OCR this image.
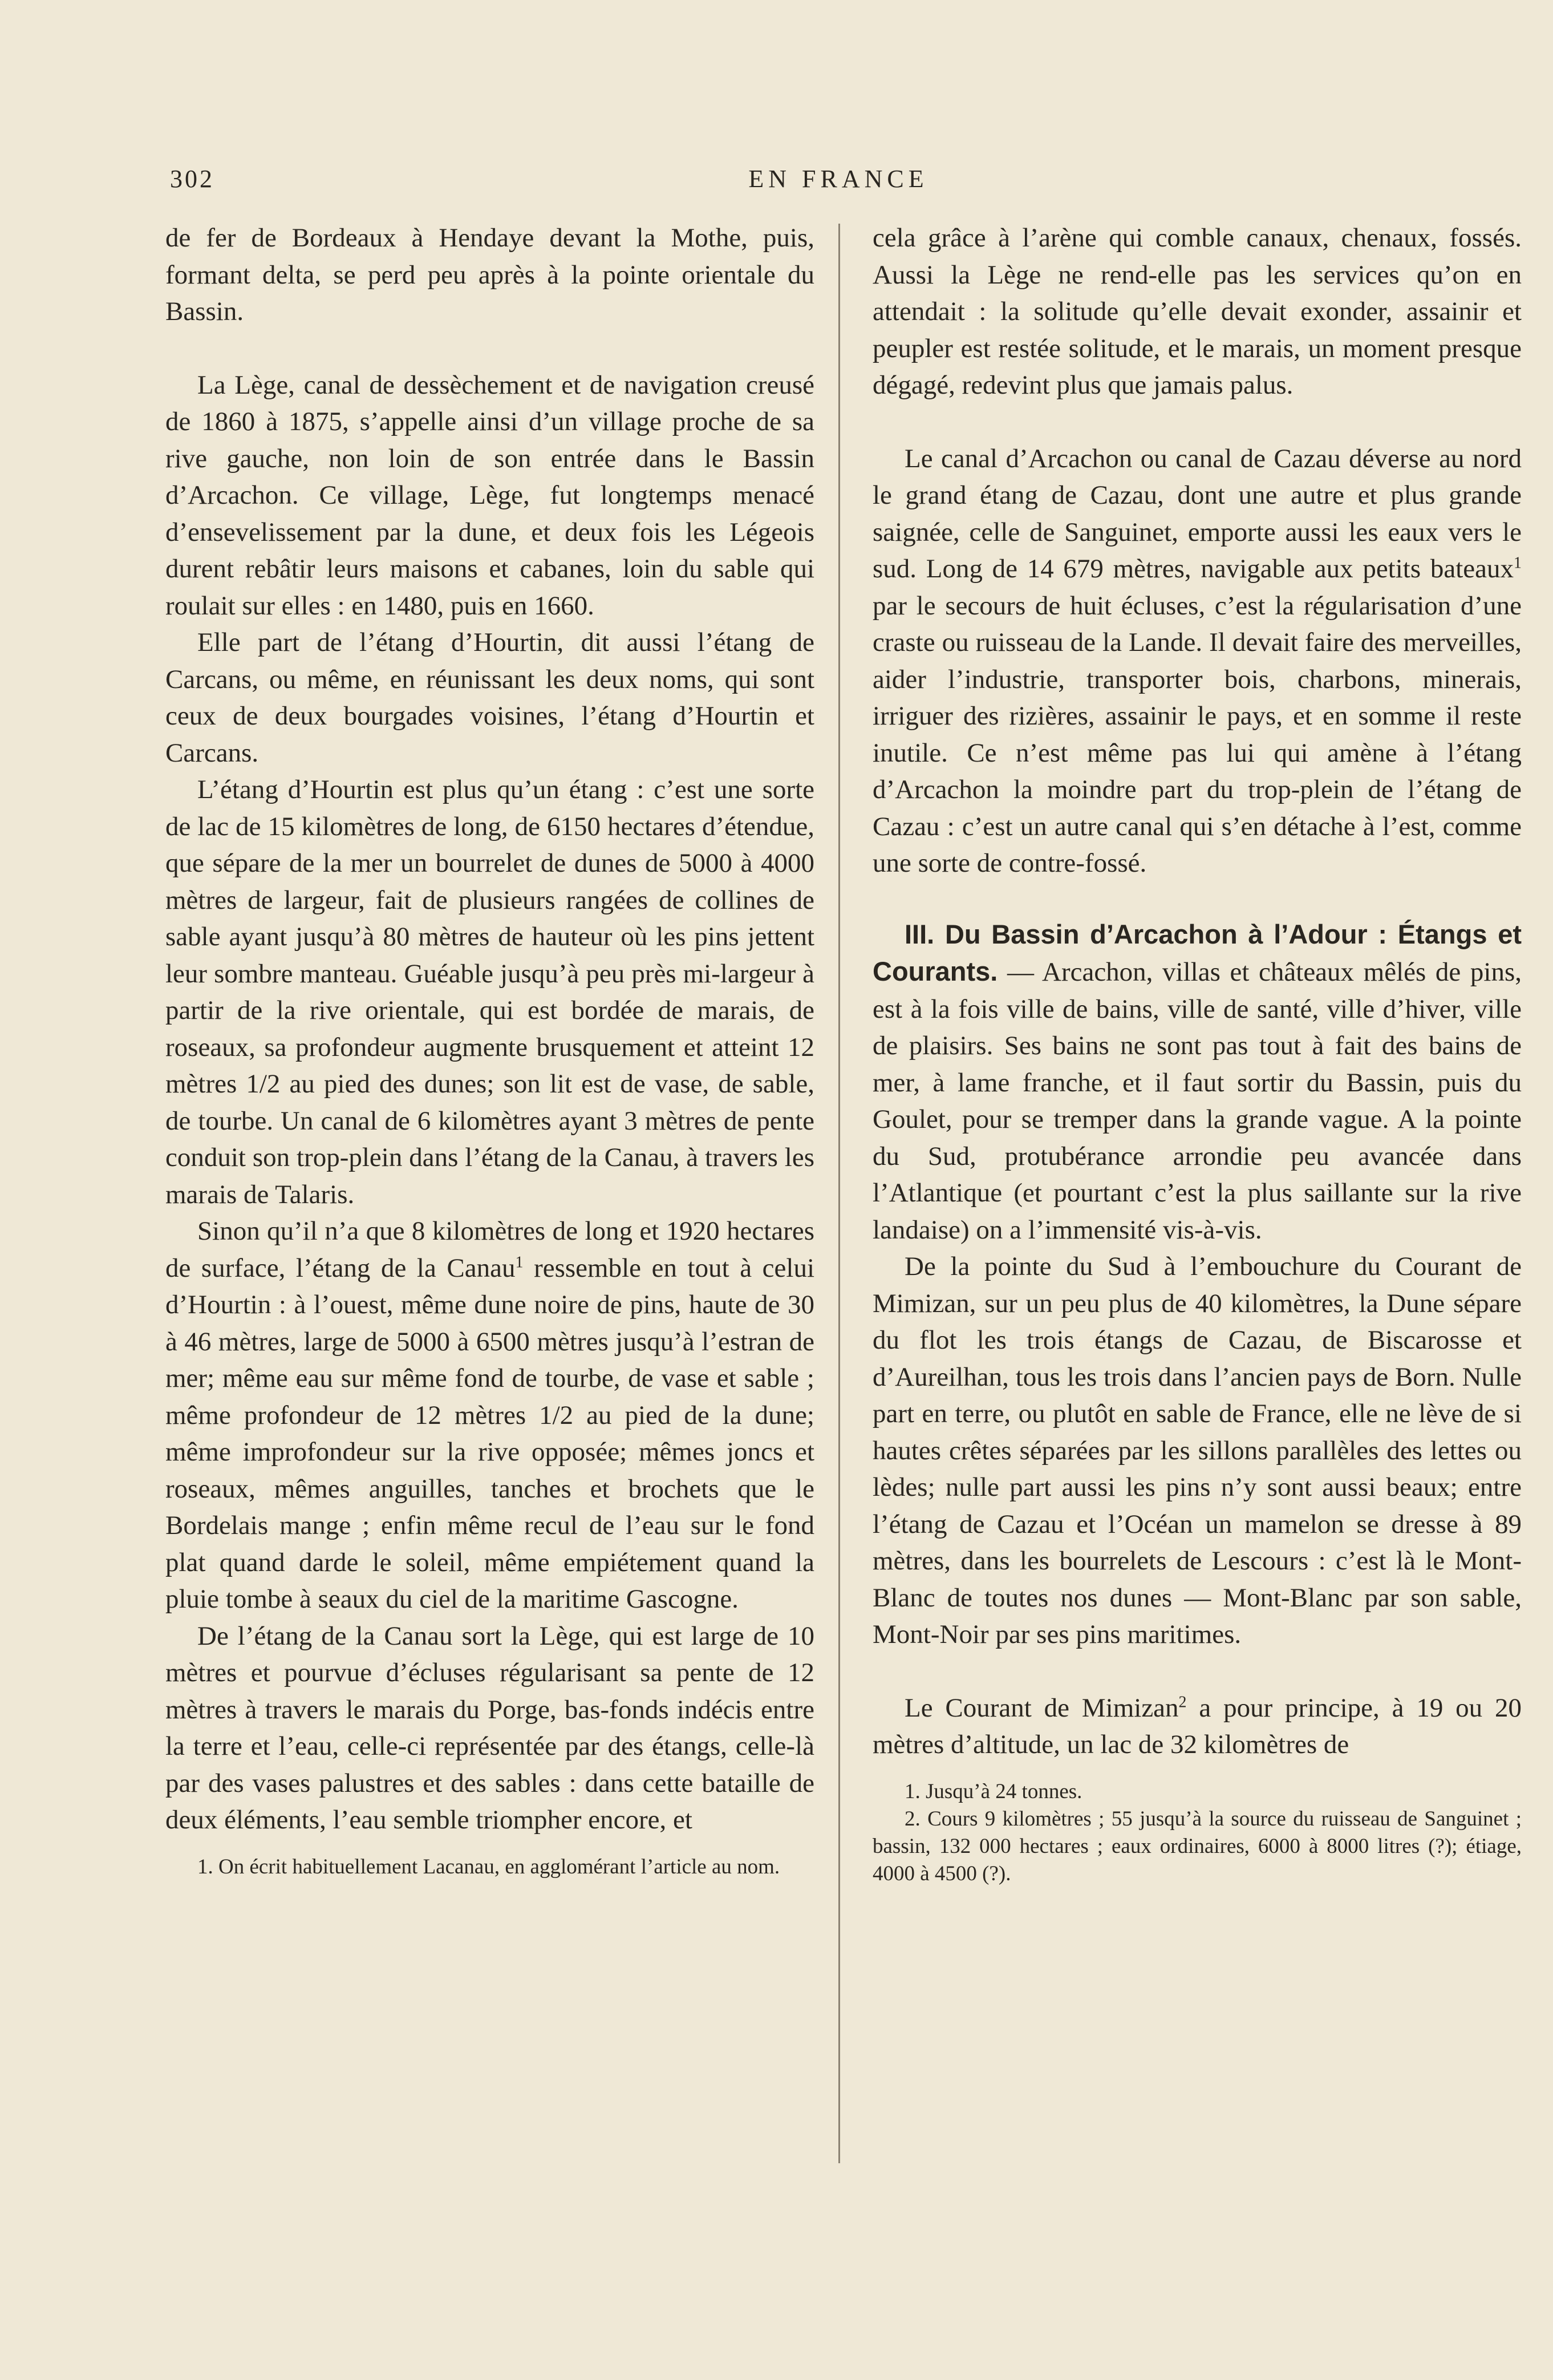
302	EN FRANCE

de fer de Bordeaux à Hendaye devant la Mothe, puis, formant delta, se perd peu après à la pointe orientale du Bassin.

La Lège, canal de dessèchement et de navigation creusé de 1860 à 1875, s’appelle ainsi d’un village proche de sa rive gauche, non loin de son entrée dans le Bassin d’Arcachon. Ce village, Lège, fut longtemps menacé d’ensevelissement par la dune, et deux fois les Légeois durent rebâtir leurs maisons et cabanes, loin du sable qui roulait sur elles : en 1480, puis en 1660.

Elle part de l’étang d’Hourtin, dit aussi l’étang de Carcans, ou même, en réunissant les deux noms, qui sont ceux de deux bourgades voisines, l’étang d’Hourtin et Carcans.

L’étang d’Hourtin est plus qu’un étang : c’est une sorte de lac de 15 kilomètres de long, de 6150 hectares d’étendue, que sépare de la mer un bourrelet de dunes de 5000 à 4000 mètres de largeur, fait de plusieurs rangées de collines de sable ayant jusqu’à 80 mètres de hauteur où les pins jettent leur sombre manteau. Guéable jusqu’à peu près mi-largeur à partir de la rive orientale, qui est bordée de marais, de roseaux, sa profondeur augmente brusquement et atteint 12 mètres 1/2 au pied des dunes; son lit est de vase, de sable, de tourbe. Un canal de 6 kilomètres ayant 3 mètres de pente conduit son trop-plein dans l’étang de la Canau, à travers les marais de Talaris.

Sinon qu’il n’a que 8 kilomètres de long et 1920 hectares de surface, l’étang de la Canau$^1$ ressemble en tout à celui d’Hourtin : à l’ouest, même dune noire de pins, haute de 30 à 46 mètres, large de 5000 à 6500 mètres jusqu’à l’estran de mer; même eau sur même fond de tourbe, de vase et sable ; même profondeur de 12 mètres 1/2 au pied de la dune; même improfondeur sur la rive opposée; mêmes joncs et roseaux, mêmes anguilles, tanches et brochets que le Bordelais mange ; enfin même recul de l’eau sur le fond plat quand darde le soleil, même empiétement quand la pluie tombe à seaux du ciel de la maritime Gascogne.

De l’étang de la Canau sort la Lège, qui est large de 10 mètres et pourvue d’écluses régularisant sa pente de 12 mètres à travers le marais du Porge, bas-fonds indécis entre la terre et l’eau, celle-ci représentée par des étangs, celle-là par des vases palustres et des sables : dans cette bataille de deux éléments, l’eau semble triompher encore, et

1. On écrit habituellement Lacanau, en agglomérant l’article au nom.

cela grâce à l’arène qui comble canaux, chenaux, fossés. Aussi la Lège ne rend-elle pas les services qu’on en attendait : la solitude qu’elle devait exonder, assainir et peupler est restée solitude, et le marais, un moment presque dégagé, redevint plus que jamais palus.

Le canal d’Arcachon ou canal de Cazau déverse au nord le grand étang de Cazau, dont une autre et plus grande saignée, celle de Sanguinet, emporte aussi les eaux vers le sud. Long de 14 679 mètres, navigable aux petits bateaux$^1$ par le secours de huit écluses, c’est la régularisation d’une craste ou ruisseau de la Lande. Il devait faire des merveilles, aider l’industrie, transporter bois, charbons, minerais, irriguer des rizières, assainir le pays, et en somme il reste inutile. Ce n’est même pas lui qui amène à l’étang d’Arcachon la moindre part du trop-plein de l’étang de Cazau : c’est un autre canal qui s’en détache à l’est, comme une sorte de contre-fossé.

III. Du Bassin d’Arcachon à l’Adour : Étangs et Courants. — Arcachon, villas et châteaux mêlés de pins, est à la fois ville de bains, ville de santé, ville d’hiver, ville de plaisirs. Ses bains ne sont pas tout à fait des bains de mer, à lame franche, et il faut sortir du Bassin, puis du Goulet, pour se tremper dans la grande vague. A la pointe du Sud, protubérance arrondie peu avancée dans l’Atlantique (et pourtant c’est la plus saillante sur la rive landaise) on a l’immensité vis-à-vis.

De la pointe du Sud à l’embouchure du Courant de Mimizan, sur un peu plus de 40 kilomètres, la Dune sépare du flot les trois étangs de Cazau, de Biscarosse et d’Aureilhan, tous les trois dans l’ancien pays de Born. Nulle part en terre, ou plutôt en sable de France, elle ne lève de si hautes crêtes séparées par les sillons parallèles des lettes ou lèdes; nulle part aussi les pins n’y sont aussi beaux; entre l’étang de Cazau et l’Océan un mamelon se dresse à 89 mètres, dans les bourrelets de Lescours : c’est là le Mont-Blanc de toutes nos dunes — Mont-Blanc par son sable, Mont-Noir par ses pins maritimes.

Le Courant de Mimizan$^2$ a pour principe, à 19 ou 20 mètres d’altitude, un lac de 32 kilomètres de

1. Jusqu’à 24 tonnes.

2. Cours 9 kilomètres ; 55 jusqu’à la source du ruisseau de Sanguinet ; bassin, 132 000 hectares ; eaux ordinaires, 6000 à 8000 litres (?); étiage, 4000 à 4500 (?).
